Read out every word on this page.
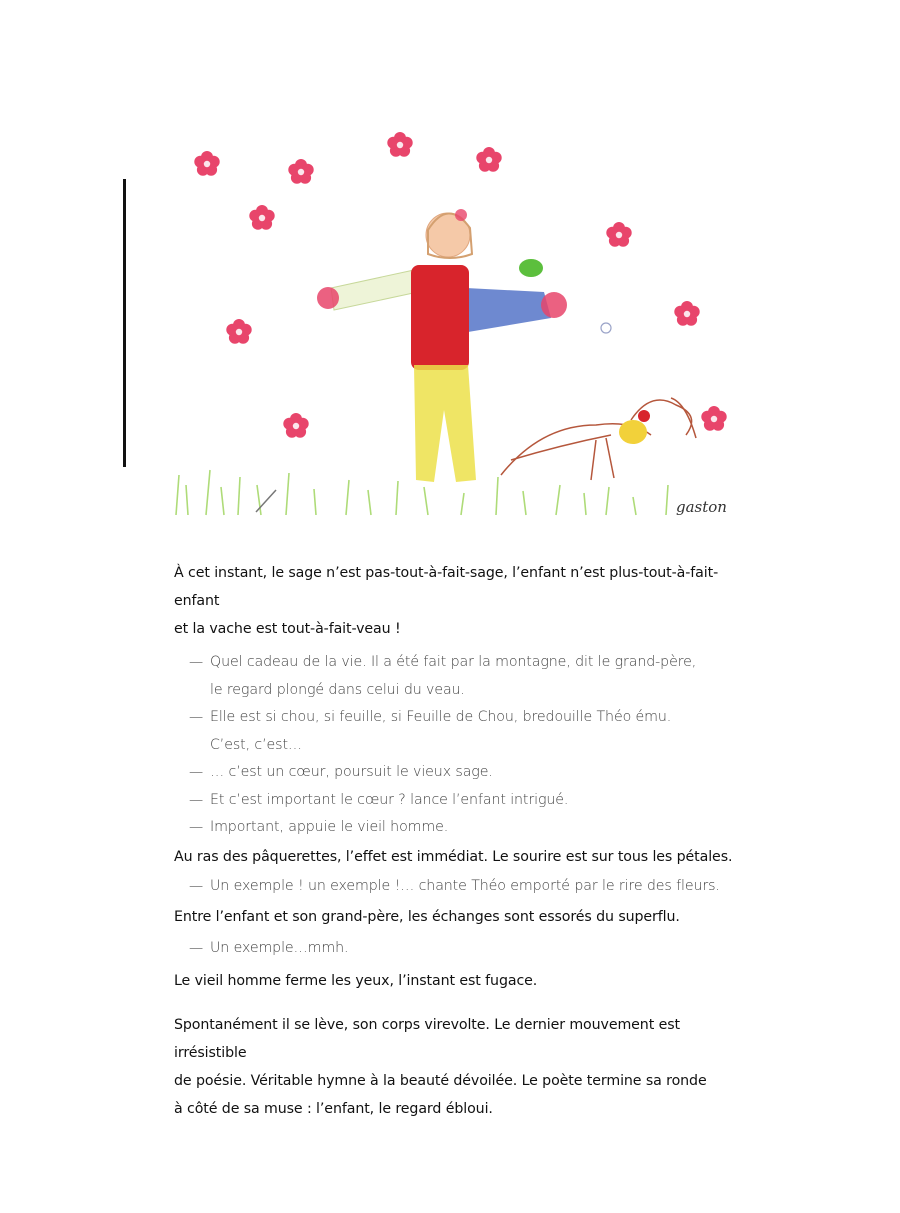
gaston

À cet instant, le sage n’est pas-tout-à-fait-sage, l’enfant n’est plus-tout-à-fait-enfant

et la vache est tout-à-fait-veau !

— Quel cadeau de la vie. Il a été fait par la montagne, dit le grand-père,

le regard plongé dans celui du veau.

— Elle est si chou, si feuille, si Feuille de Chou, bredouille Théo ému.

C’est, c’est…

— … c’est un cœur, poursuit le vieux sage.

— Et c’est important le cœur ? lance l’enfant intrigué.

— Important, appuie le vieil homme.

Au ras des pâquerettes, l’effet est immédiat. Le sourire est sur tous les pétales.

— Un exemple ! un exemple !… chante Théo emporté par le rire des fleurs.

Entre l’enfant et son grand-père, les échanges sont essorés du superflu.

— Un exemple…mmh.

Le vieil homme ferme les yeux, l’instant est fugace.

Spontanément il se lève, son corps virevolte. Le dernier mouvement est irrésistible

de poésie. Véritable hymne à la beauté dévoilée. Le poète termine sa ronde

à côté de sa muse : l’enfant, le regard ébloui.
